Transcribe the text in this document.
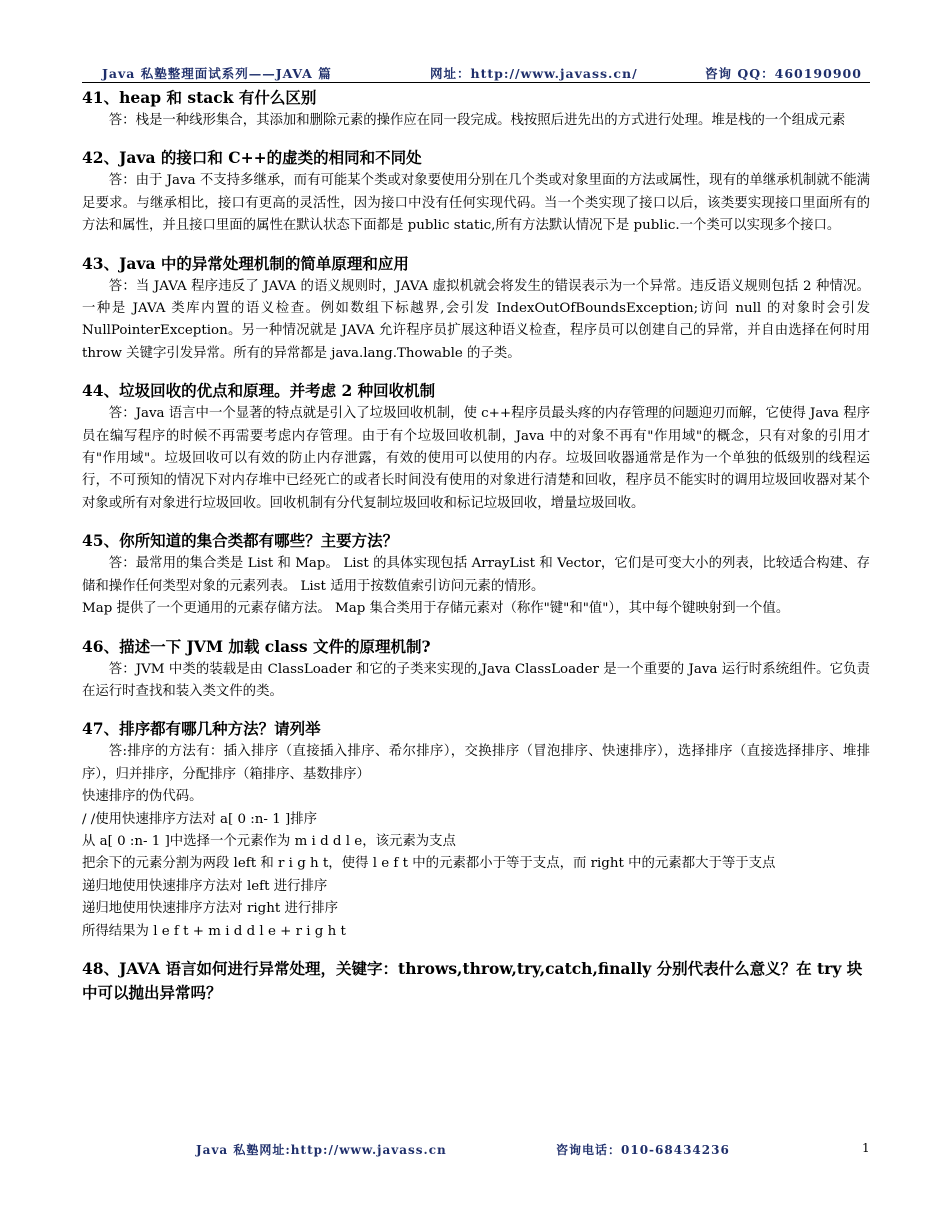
Java 私塾整理面试系列——JAVA 篇	网址：http://www.javass.cn/	咨询 QQ：460190900
41、heap 和 stack 有什么区别

答：栈是一种线形集合，其添加和删除元素的操作应在同一段完成。栈按照后进先出的方式进行处理。堆是栈的一个组成元素

42、Java 的接口和 C++的虚类的相同和不同处

答：由于 Java 不支持多继承，而有可能某个类或对象要使用分别在几个类或对象里面的方法或属性，现有的单继承机制就不能满足要求。与继承相比，接口有更高的灵活性，因为接口中没有任何实现代码。当一个类实现了接口以后，该类要实现接口里面所有的方法和属性，并且接口里面的属性在默认状态下面都是 public static,所有方法默认情况下是 public.一个类可以实现多个接口。

43、Java 中的异常处理机制的简单原理和应用

答：当 JAVA 程序违反了 JAVA 的语义规则时，JAVA 虚拟机就会将发生的错误表示为一个异常。违反语义规则包括 2 种情况。一种是 JAVA 类库内置的语义检查。例如数组下标越界,会引发 IndexOutOfBoundsException;访问 null 的对象时会引发 NullPointerException。另一种情况就是 JAVA 允许程序员扩展这种语义检查，程序员可以创建自己的异常，并自由选择在何时用 throw 关键字引发异常。所有的异常都是 java.lang.Thowable 的子类。

44、垃圾回收的优点和原理。并考虑 2 种回收机制

答：Java 语言中一个显著的特点就是引入了垃圾回收机制，使 c++程序员最头疼的内存管理的问题迎刃而解，它使得 Java 程序员在编写程序的时候不再需要考虑内存管理。由于有个垃圾回收机制，Java 中的对象不再有"作用域"的概念，只有对象的引用才有"作用域"。垃圾回收可以有效的防止内存泄露，有效的使用可以使用的内存。垃圾回收器通常是作为一个单独的低级别的线程运行，不可预知的情况下对内存堆中已经死亡的或者长时间没有使用的对象进行清楚和回收，程序员不能实时的调用垃圾回收器对某个对象或所有对象进行垃圾回收。回收机制有分代复制垃圾回收和标记垃圾回收，增量垃圾回收。

45、你所知道的集合类都有哪些？主要方法？

答：最常用的集合类是 List 和 Map。 List 的具体实现包括 ArrayList 和 Vector，它们是可变大小的列表，比较适合构建、存储和操作任何类型对象的元素列表。 List 适用于按数值索引访问元素的情形。

Map 提供了一个更通用的元素存储方法。 Map 集合类用于存储元素对（称作"键"和"值"），其中每个键映射到一个值。

46、描述一下 JVM 加载 class 文件的原理机制?

答：JVM 中类的装载是由 ClassLoader 和它的子类来实现的,Java ClassLoader 是一个重要的 Java 运行时系统组件。它负责在运行时查找和装入类文件的类。

47、排序都有哪几种方法？请列举

答:排序的方法有：插入排序（直接插入排序、希尔排序），交换排序（冒泡排序、快速排序），选择排序（直接选择排序、堆排序），归并排序，分配排序（箱排序、基数排序）

快速排序的伪代码。

/ /使用快速排序方法对 a[ 0 :n- 1 ]排序

从 a[ 0 :n- 1 ]中选择一个元素作为 m i d d l e，该元素为支点

把余下的元素分割为两段 left 和 r i g h t，使得 l e f t 中的元素都小于等于支点，而 right 中的元素都大于等于支点

递归地使用快速排序方法对 left 进行排序

递归地使用快速排序方法对 right 进行排序

所得结果为 l e f t + m i d d l e + r i g h t

48、JAVA 语言如何进行异常处理，关键字：throws,throw,try,catch,finally 分别代表什么意义？在 try 块中可以抛出异常吗？
Java 私塾网址:http://www.javass.cn	咨询电话：010-68434236	1
